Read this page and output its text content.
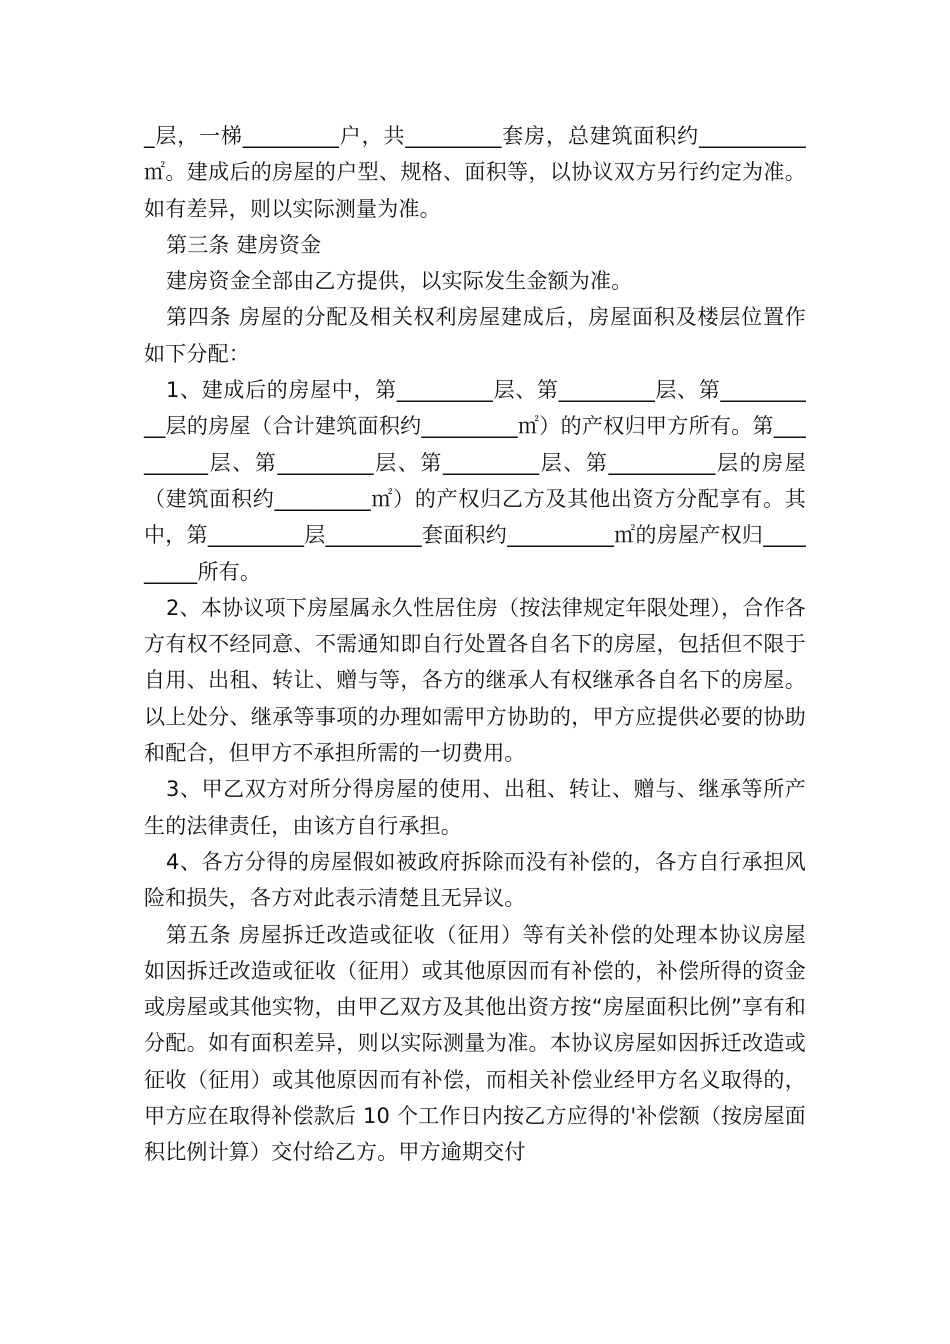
_层，一梯_________户，共_________套房，总建筑面积约__________㎡。建成后的房屋的户型、规格、面积等，以协议双方另行约定为准。如有差异，则以实际测量为准。

第三条 建房资金

建房资金全部由乙方提供，以实际发生金额为准。

第四条 房屋的分配及相关权利房屋建成后，房屋面积及楼层位置作如下分配：

1、建成后的房屋中，第_________层、第_________层、第__________层的房屋（合计建筑面积约_________㎡）的产权归甲方所有。第_________层、第_________层、第_________层、第__________层的房屋（建筑面积约_________㎡）的产权归乙方及其他出资方分配享有。其中，第_________层_________套面积约__________㎡的房屋产权归_________所有。

2、本协议项下房屋属永久性居住房（按法律规定年限处理），合作各方有权不经同意、不需通知即自行处置各自名下的房屋，包括但不限于自用、出租、转让、赠与等，各方的继承人有权继承各自名下的房屋。以上处分、继承等事项的办理如需甲方协助的，甲方应提供必要的协助和配合，但甲方不承担所需的一切费用。

3、甲乙双方对所分得房屋的使用、出租、转让、赠与、继承等所产生的法律责任，由该方自行承担。

4、各方分得的房屋假如被政府拆除而没有补偿的，各方自行承担风险和损失，各方对此表示清楚且无异议。

第五条 房屋拆迁改造或征收（征用）等有关补偿的处理本协议房屋如因拆迁改造或征收（征用）或其他原因而有补偿的，补偿所得的资金或房屋或其他实物，由甲乙双方及其他出资方按“房屋面积比例”享有和分配。如有面积差异，则以实际测量为准。本协议房屋如因拆迁改造或征收（征用）或其他原因而有补偿，而相关补偿业经甲方名义取得的，甲方应在取得补偿款后 10 个工作日内按乙方应得的'补偿额（按房屋面积比例计算）交付给乙方。甲方逾期交付
